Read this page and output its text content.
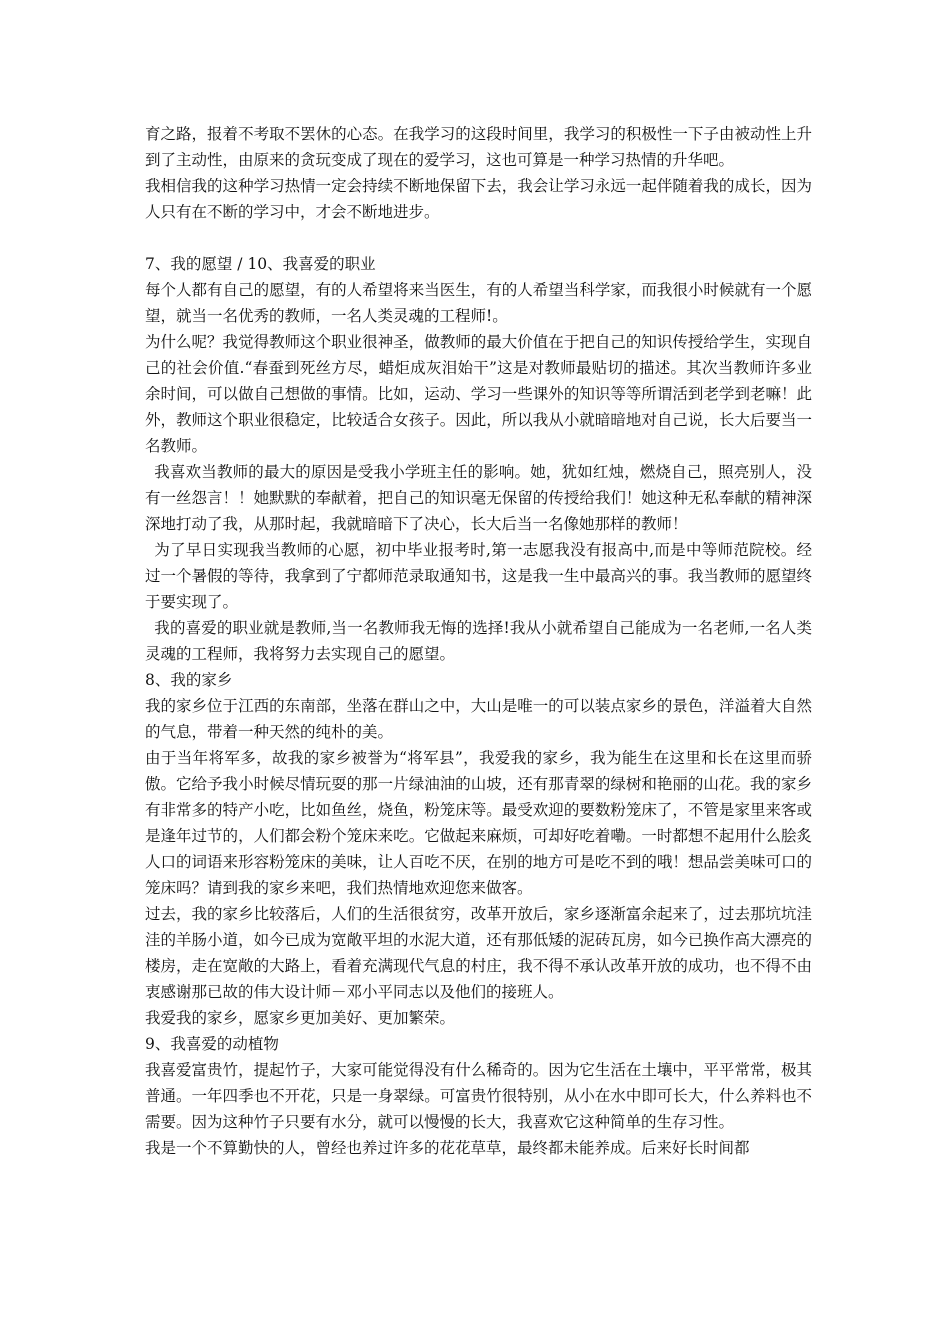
育之路，报着不考取不罢休的心态。在我学习的这段时间里，我学习的积极性一下子由被动性上升到了主动性，由原来的贪玩变成了现在的爱学习，这也可算是一种学习热情的升华吧。

我相信我的这种学习热情一定会持续不断地保留下去，我会让学习永远一起伴随着我的成长，因为人只有在不断的学习中，才会不断地进步。

7、我的愿望 / 10、我喜爱的职业

每个人都有自己的愿望，有的人希望将来当医生，有的人希望当科学家，而我很小时候就有一个愿望，就当一名优秀的教师，一名人类灵魂的工程师!。

为什么呢？我觉得教师这个职业很神圣，做教师的最大价值在于把自己的知识传授给学生，实现自己的社会价值.“春蚕到死丝方尽，蜡炬成灰泪始干”这是对教师最贴切的描述。其次当教师许多业余时间，可以做自己想做的事情。比如，运动、学习一些课外的知识等等所谓活到老学到老嘛！此外，教师这个职业很稳定，比较适合女孩子。因此，所以我从小就暗暗地对自己说，长大后要当一名教师。

我喜欢当教师的最大的原因是受我小学班主任的影响。她，犹如红烛，燃烧自己，照亮别人，没有一丝怨言！！她默默的奉献着，把自己的知识毫无保留的传授给我们！她这种无私奉献的精神深深地打动了我，从那时起，我就暗暗下了决心，长大后当一名像她那样的教师！

为了早日实现我当教师的心愿，初中毕业报考时,第一志愿我没有报高中,而是中等师范院校。经过一个暑假的等待，我拿到了宁都师范录取通知书，这是我一生中最高兴的事。我当教师的愿望终于要实现了。

我的喜爱的职业就是教师,当一名教师我无悔的选择!我从小就希望自己能成为一名老师,一名人类灵魂的工程师，我将努力去实现自己的愿望。

8、我的家乡

我的家乡位于江西的东南部，坐落在群山之中，大山是唯一的可以装点家乡的景色，洋溢着大自然的气息，带着一种天然的纯朴的美。

由于当年将军多，故我的家乡被誉为“将军县”，我爱我的家乡，我为能生在这里和长在这里而骄傲。它给予我小时候尽情玩耍的那一片绿油油的山坡，还有那青翠的绿树和艳丽的山花。我的家乡有非常多的特产小吃，比如鱼丝，烧鱼，粉笼床等。最受欢迎的要数粉笼床了，不管是家里来客或是逢年过节的，人们都会粉个笼床来吃。它做起来麻烦，可却好吃着嘞。一时都想不起用什么脍炙人口的词语来形容粉笼床的美味，让人百吃不厌，在别的地方可是吃不到的哦！想品尝美味可口的笼床吗？请到我的家乡来吧，我们热情地欢迎您来做客。

过去，我的家乡比较落后，人们的生活很贫穷，改革开放后，家乡逐渐富余起来了，过去那坑坑洼洼的羊肠小道，如今已成为宽敞平坦的水泥大道，还有那低矮的泥砖瓦房，如今已换作高大漂亮的楼房，走在宽敞的大路上，看着充满现代气息的村庄，我不得不承认改革开放的成功，也不得不由衷感谢那已故的伟大设计师－邓小平同志以及他们的接班人。

我爱我的家乡，愿家乡更加美好、更加繁荣。

9、我喜爱的动植物

我喜爱富贵竹，提起竹子，大家可能觉得没有什么稀奇的。因为它生活在土壤中，平平常常，极其普通。一年四季也不开花，只是一身翠绿。可富贵竹很特别，从小在水中即可长大，什么养料也不需要。因为这种竹子只要有水分，就可以慢慢的长大，我喜欢它这种简单的生存习性。

我是一个不算勤快的人，曾经也养过许多的花花草草，最终都未能养成。后来好长时间都
